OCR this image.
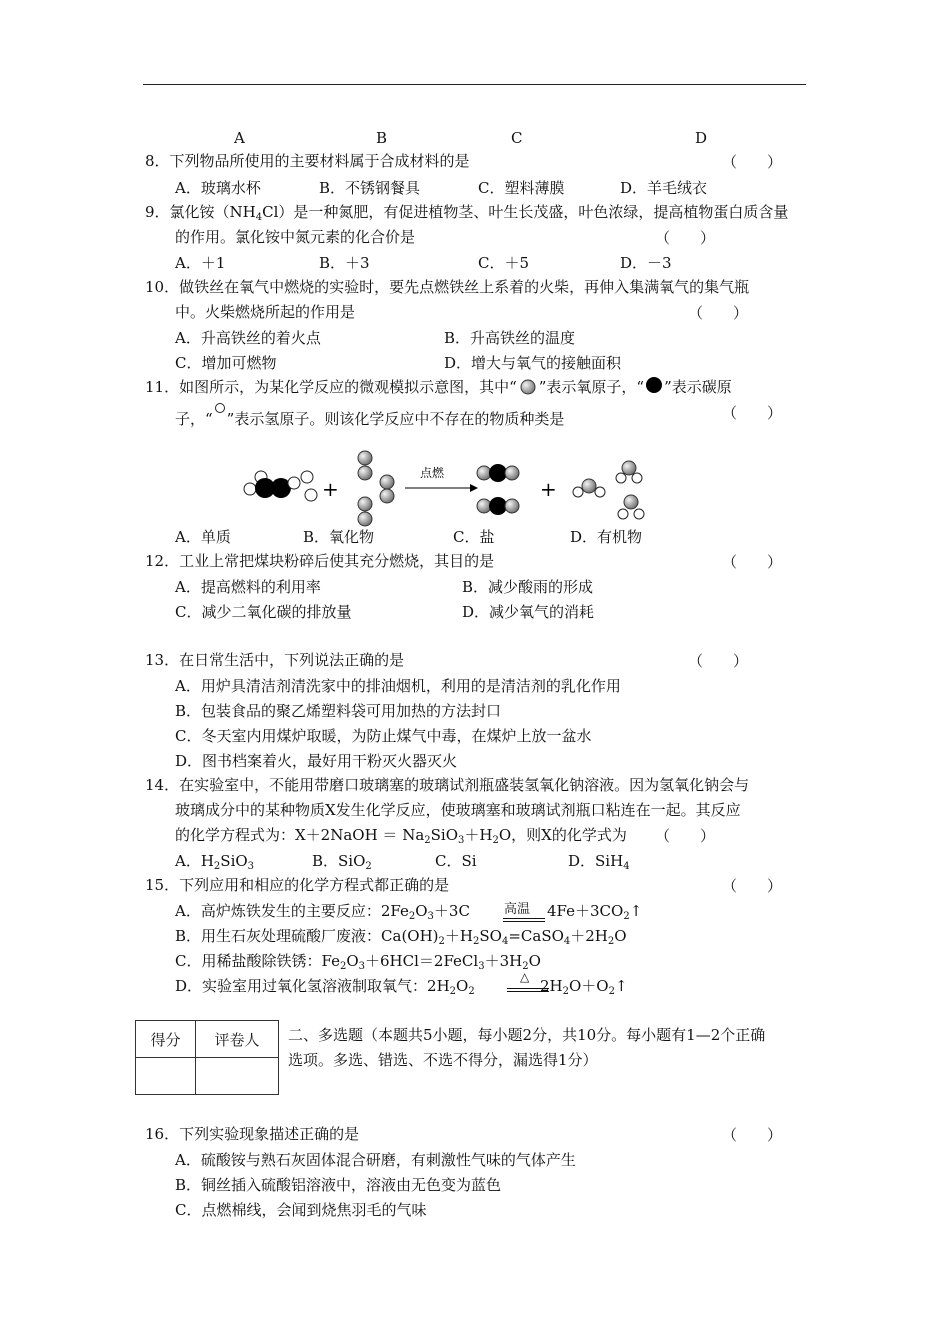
A	B	C	D
8．下列物品所使用的主要材料属于合成材料的是	（　　）
A．玻璃水杯	B．不锈钢餐具	C．塑料薄膜	D．羊毛绒衣
9．氯化铵$(NH_4Cl)$是一种氮肥，有促进植物茎、叶生长茂盛，叶色浓绿，提高植物蛋白质含量
的作用。氯化铵中氮元素的化合价是	（　　）
A．＋1	B．＋3	C．＋5	D．－3
10．做铁丝在氧气中燃烧的实验时，要先点燃铁丝上系着的火柴，再伸入集满氧气的集气瓶
中。火柴燃烧所起的作用是	（　　）
A．升高铁丝的着火点	B．升高铁丝的温度
C．增加可燃物	D．增大与氧气的接触面积
11．如图所示，为某化学反应的微观模拟示意图，其中“ ”表示氧原子，“ ”表示碳原
子，“ ”表示氢原子。则该化学反应中不存在的物质种类是	（　　）
+
点燃
+
A．单质	B．氧化物	C．盐	D．有机物
12．工业上常把煤块粉碎后使其充分燃烧，其目的是	（　　）
A．提高燃料的利用率	B．减少酸雨的形成
C．减少二氧化碳的排放量	D．减少氧气的消耗
13．在日常生活中，下列说法正确的是	（　　）
A．用炉具清洁剂清洗家中的排油烟机，利用的是清洁剂的乳化作用
B．包装食品的聚乙烯塑料袋可用加热的方法封口
C．冬天室内用煤炉取暖，为防止煤气中毒，在煤炉上放一盆水
D．图书档案着火，最好用干粉灭火器灭火
14．在实验室中，不能用带磨口玻璃塞的玻璃试剂瓶盛装氢氧化钠溶液。因为氢氧化钠会与
玻璃成分中的某种物质X发生化学反应，使玻璃塞和玻璃试剂瓶口粘连在一起。其反应
的化学方程式为：X＋2NaOH ＝ $Na_2SiO_3+H_2O$，则X的化学式为 （　　）
A．$H_2SiO_3$	B．SiO$_2$	C．Si	D．SiH$_4$
15．下列应用和相应的化学方程式都正确的是	（　　）
A．高炉炼铁发生的主要反应：$2Fe_2O_3+3C$	高温 $4Fe+3CO_2↑$
B．用生石灰处理硫酸厂废液：$Ca(OH)_2+H_2SO_4=CaSO_4+2H_2O$
C．用稀盐酸除铁锈：$Fe_2O_3+6HCl=2FeCl_3+3H_2O$
D．实验室用过氧化氢溶液制取氧气：$2H_2O_2$
△ $2H_2O+O_2↑$
得分	评卷人
	二、多选题（本题共5小题，每小题2分，共10分。每小题有1—2个正确
选项。多选、错选、不选不得分，漏选得1分）
16．下列实验现象描述正确的是	（　　）
A．硫酸铵与熟石灰固体混合研磨，有刺激性气味的气体产生
B．铜丝插入硫酸铝溶液中，溶液由无色变为蓝色
C．点燃棉线，会闻到烧焦羽毛的气味
